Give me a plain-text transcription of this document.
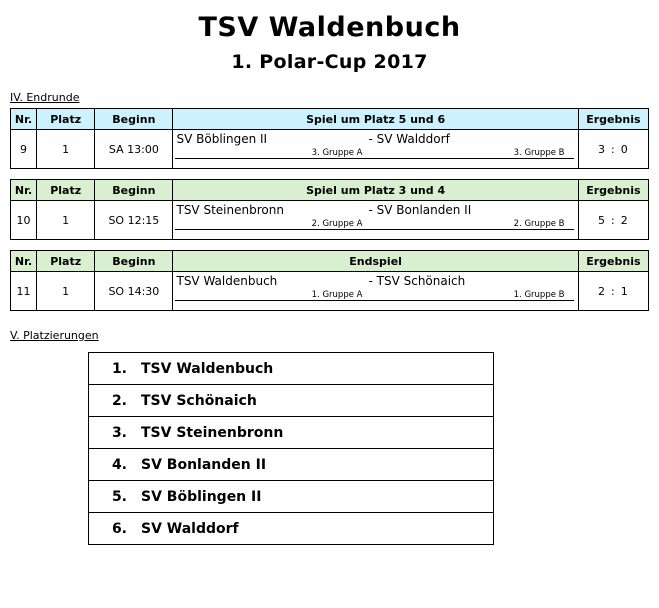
TSV Waldenbuch
1. Polar-Cup 2017
IV. Endrunde
Nr.	Platz	Beginn	Spiel um Platz 5 und 6	Ergebnis
9	1	SA 13:00	SV Böblingen II - SV Walddorf
3. Gruppe A 3. Gruppe B	3 : 0
Nr.	Platz	Beginn	Spiel um Platz 3 und 4	Ergebnis
10	1	SO 12:15	TSV Steinenbronn - SV Bonlanden II
2. Gruppe A 2. Gruppe B	5 : 2
Nr.	Platz	Beginn	Endspiel	Ergebnis
11	1	SO 14:30	TSV Waldenbuch - TSV Schönaich
1. Gruppe A 1. Gruppe B	2 : 1
V. Platzierungen
1.	TSV Waldenbuch
2.	TSV Schönaich
3.	TSV Steinenbronn
4.	SV Bonlanden II
5.	SV Böblingen II
6.	SV Walddorf
